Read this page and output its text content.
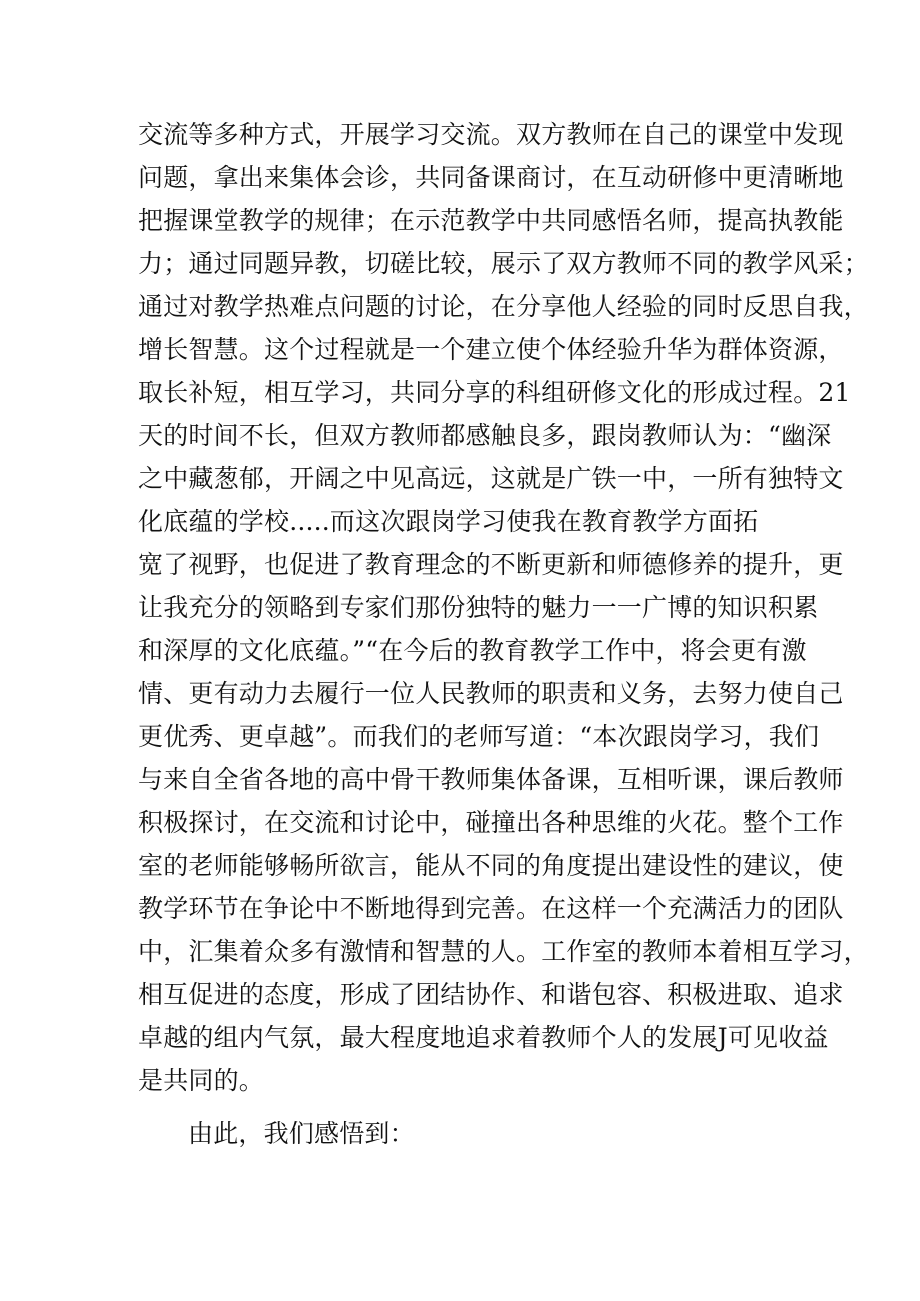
交流等多种方式，开展学习交流。双方教师在自己的课堂中发现
问题，拿出来集体会诊，共同备课商讨，在互动研修中更清晰地
把握课堂教学的规律；在示范教学中共同感悟名师，提高执教能
力；通过同题异教，切磋比较，展示了双方教师不同的教学风采；
通过对教学热难点问题的讨论，在分享他人经验的同时反思自我，
增长智慧。这个过程就是一个建立使个体经验升华为群体资源，
取长补短，相互学习，共同分享的科组研修文化的形成过程。21
天的时间不长，但双方教师都感触良多，跟岗教师认为：“幽深
之中藏葱郁，开阔之中见高远，这就是广铁一中，一所有独特文
化底蕴的学校.....而这次跟岗学习使我在教育教学方面拓
宽了视野，也促进了教育理念的不断更新和师德修养的提升，更
让我充分的领略到专家们那份独特的魅力一一广博的知识积累
和深厚的文化底蕴。”“在今后的教育教学工作中，将会更有激
情、更有动力去履行一位人民教师的职责和义务，去努力使自己
更优秀、更卓越”。而我们的老师写道：“本次跟岗学习，我们
与来自全省各地的高中骨干教师集体备课，互相听课，课后教师
积极探讨，在交流和讨论中，碰撞出各种思维的火花。整个工作
室的老师能够畅所欲言，能从不同的角度提出建设性的建议，使
教学环节在争论中不断地得到完善。在这样一个充满活力的团队
中，汇集着众多有激情和智慧的人。工作室的教师本着相互学习，
相互促进的态度，形成了团结协作、和谐包容、积极进取、追求
卓越的组内气氛，最大程度地追求着教师个人的发展J可见收益
是共同的。
由此，我们感悟到：
